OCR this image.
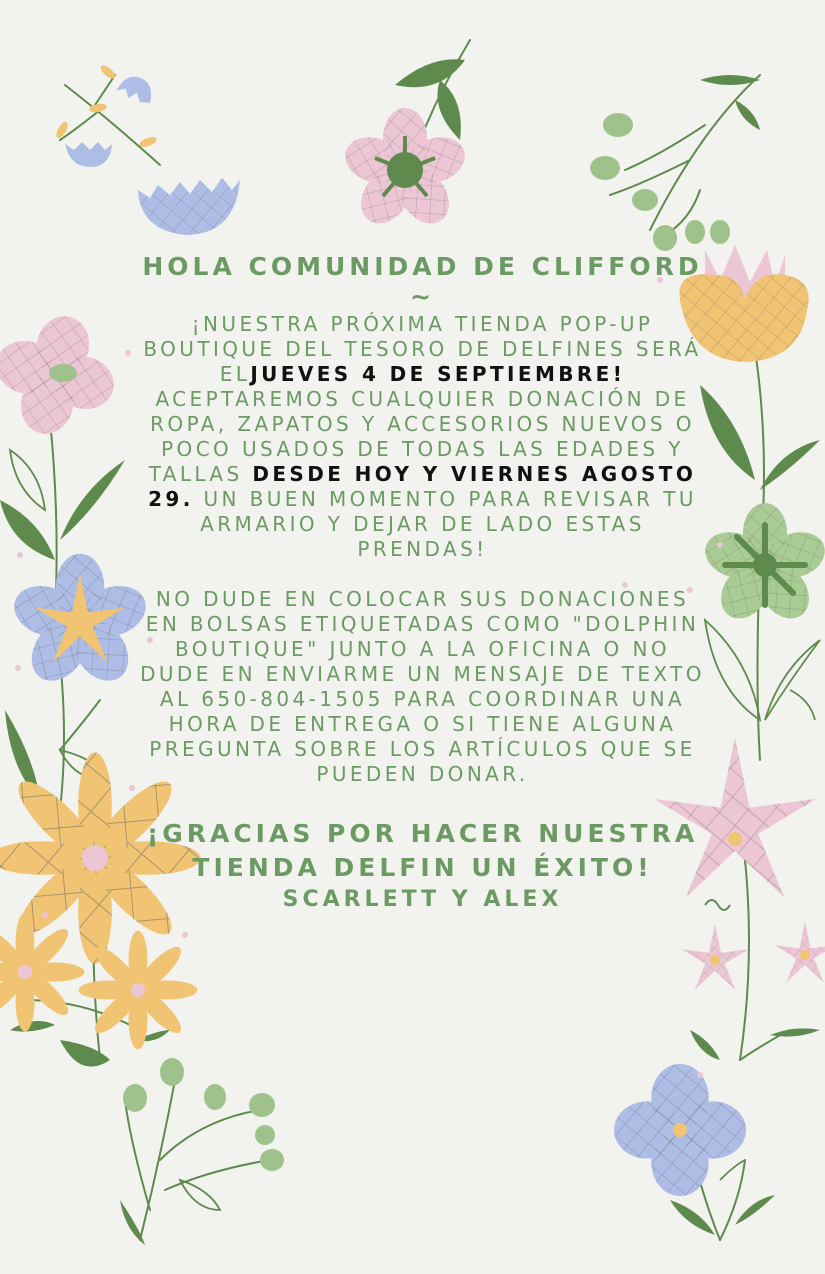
HOLA COMUNIDAD DE CLIFFORD ~

¡NUESTRA PRÓXIMA TIENDA POP-UP BOUTIQUE DEL TESORO DE DELFINES SERÁ ELJUEVES 4 DE SEPTIEMBRE! ACEPTAREMOS CUALQUIER DONACIÓN DE ROPA, ZAPATOS Y ACCESORIOS NUEVOS O POCO USADOS DE TODAS LAS EDADES Y TALLAS DESDE HOY Y VIERNES AGOSTO 29. UN BUEN MOMENTO PARA REVISAR TU ARMARIO Y DEJAR DE LADO ESTAS PRENDAS!

NO DUDE EN COLOCAR SUS DONACIONES EN BOLSAS ETIQUETADAS COMO "DOLPHIN BOUTIQUE" JUNTO A LA OFICINA O NO DUDE EN ENVIARME UN MENSAJE DE TEXTO AL 650-804-1505 PARA COORDINAR UNA HORA DE ENTREGA O SI TIENE ALGUNA PREGUNTA SOBRE LOS ARTÍCULOS QUE SE PUEDEN DONAR.

¡GRACIAS POR HACER NUESTRA TIENDA DELFIN UN ÉXITO!
SCARLETT Y ALEX
